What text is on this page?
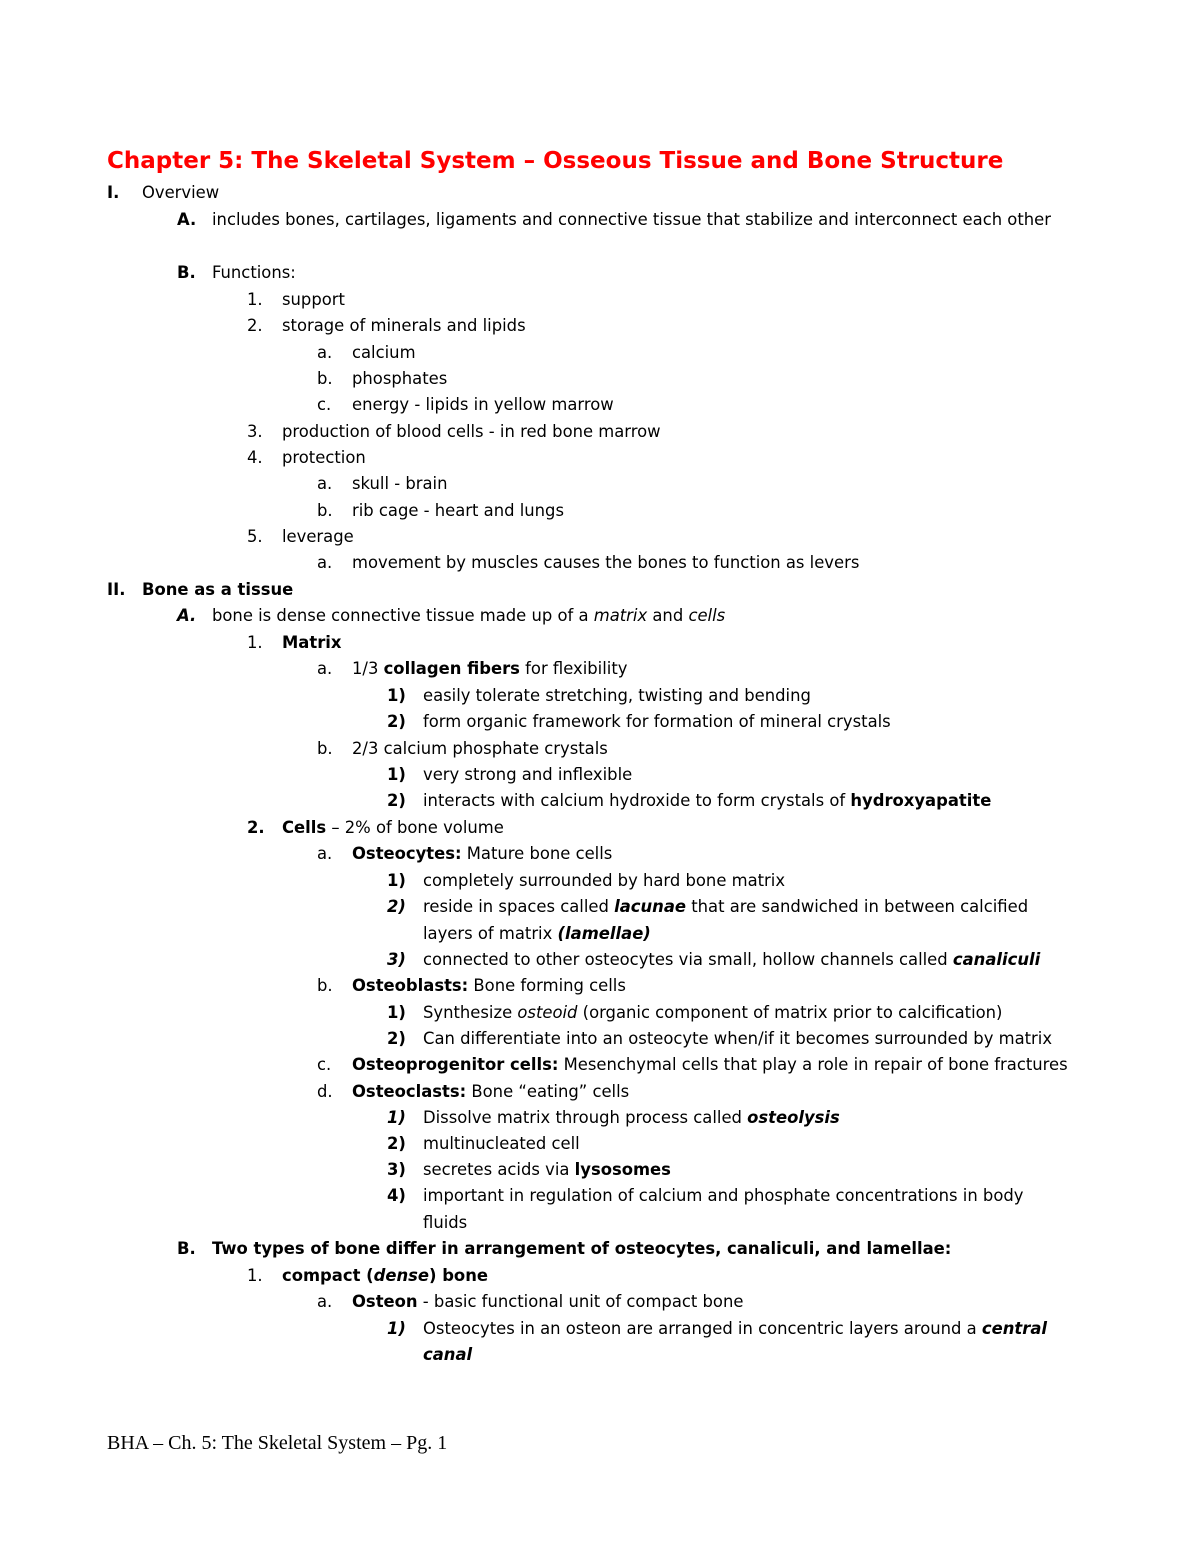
Chapter 5: The Skeletal System – Osseous Tissue and Bone Structure
I. Overview
A. includes bones, cartilages, ligaments and connective tissue that stabilize and interconnect each other
B. Functions:
1. support
2. storage of minerals and lipids
a. calcium
b. phosphates
c. energy - lipids in yellow marrow
3. production of blood cells - in red bone marrow
4. protection
a. skull - brain
b. rib cage - heart and lungs
5. leverage
a. movement by muscles causes the bones to function as levers
II. Bone as a tissue
A. bone is dense connective tissue made up of a matrix and cells
1. Matrix
a. 1/3 collagen fibers for flexibility
1) easily tolerate stretching, twisting and bending
2) form organic framework for formation of mineral crystals
b. 2/3 calcium phosphate crystals
1) very strong and inflexible
2) interacts with calcium hydroxide to form crystals of hydroxyapatite
2. Cells – 2% of bone volume
a. Osteocytes: Mature bone cells
1) completely surrounded by hard bone matrix
2) reside in spaces called lacunae that are sandwiched in between calcified
layers of matrix (lamellae)
3) connected to other osteocytes via small, hollow channels called canaliculi
b. Osteoblasts: Bone forming cells
1) Synthesize osteoid (organic component of matrix prior to calcification)
2) Can differentiate into an osteocyte when/if it becomes surrounded by matrix
c. Osteoprogenitor cells: Mesenchymal cells that play a role in repair of bone fractures
d. Osteoclasts: Bone “eating” cells
1) Dissolve matrix through process called osteolysis
2) multinucleated cell
3) secretes acids via lysosomes
4) important in regulation of calcium and phosphate concentrations in body
fluids
B. Two types of bone differ in arrangement of osteocytes, canaliculi, and lamellae:
1. compact (dense) bone
a. Osteon - basic functional unit of compact bone
1) Osteocytes in an osteon are arranged in concentric layers around a central
canal
BHA – Ch. 5: The Skeletal System – Pg. 1
